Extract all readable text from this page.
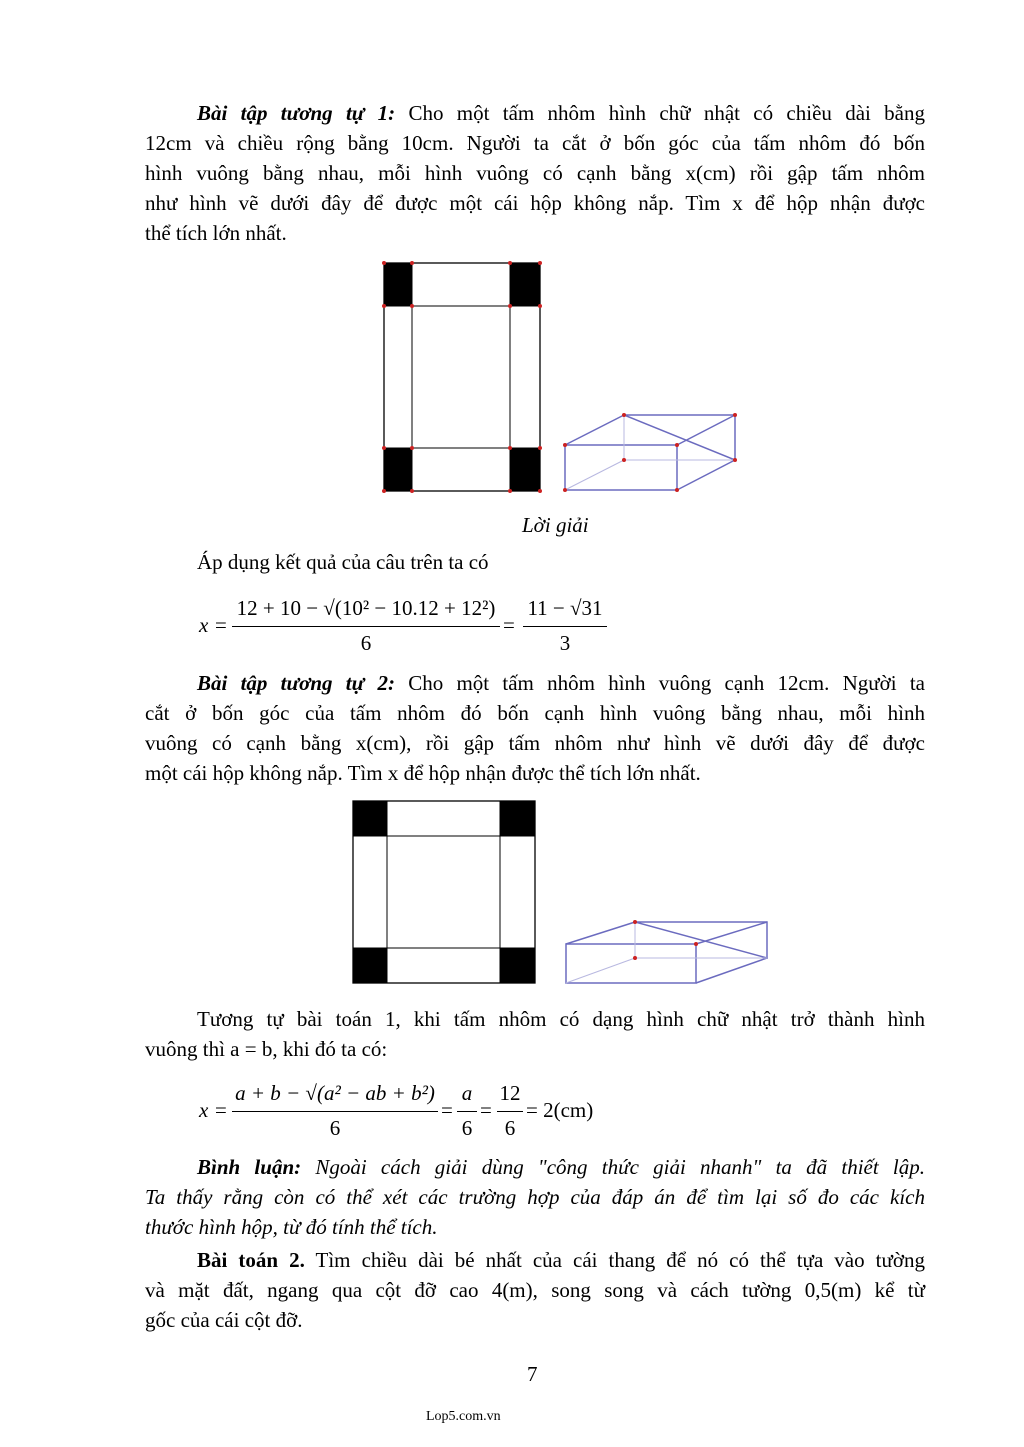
Bài tập tương tự 1: Cho một tấm nhôm hình chữ nhật có chiều dài bằng
12cm và chiều rộng bằng 10cm. Người ta cắt ở bốn góc của tấm nhôm đó bốn
hình vuông bằng nhau, mỗi hình vuông có cạnh bằng x(cm) rồi gập tấm nhôm
như hình vẽ dưới đây để được một cái hộp không nắp. Tìm x để hộp nhận được
thể tích lớn nhất.
Lời giải
Áp dụng kết quả của câu trên ta có
x =
12 + 10 − √(10² − 10.12 + 12²)
6
=
11 − √31
3
Bài tập tương tự 2: Cho một tấm nhôm hình vuông cạnh 12cm. Người ta
cắt ở bốn góc của tấm nhôm đó bốn cạnh hình vuông bằng nhau, mỗi hình
vuông có cạnh bằng x(cm), rồi gập tấm nhôm như hình vẽ dưới đây để được
một cái hộp không nắp. Tìm x để hộp nhận được thể tích lớn nhất.
Tương tự bài toán 1, khi tấm nhôm có dạng hình chữ nhật trở thành hình
vuông thì a = b, khi đó ta có:
x =
a + b − √(a² − ab + b²)
6
=
a
6
=
12
6
= 2(cm)
Bình luận: Ngoài cách giải dùng "công thức giải nhanh" ta đã thiết lập.
Ta thấy rằng còn có thể xét các trường hợp của đáp án để tìm lại số đo các kích
thước hình hộp, từ đó tính thể tích.
Bài toán 2. Tìm chiều dài bé nhất của cái thang để nó có thể tựa vào tường
và mặt đất, ngang qua cột đỡ cao 4(m), song song và cách tường 0,5(m) kể từ
gốc của cái cột đỡ.
7
Lop5.com.vn
